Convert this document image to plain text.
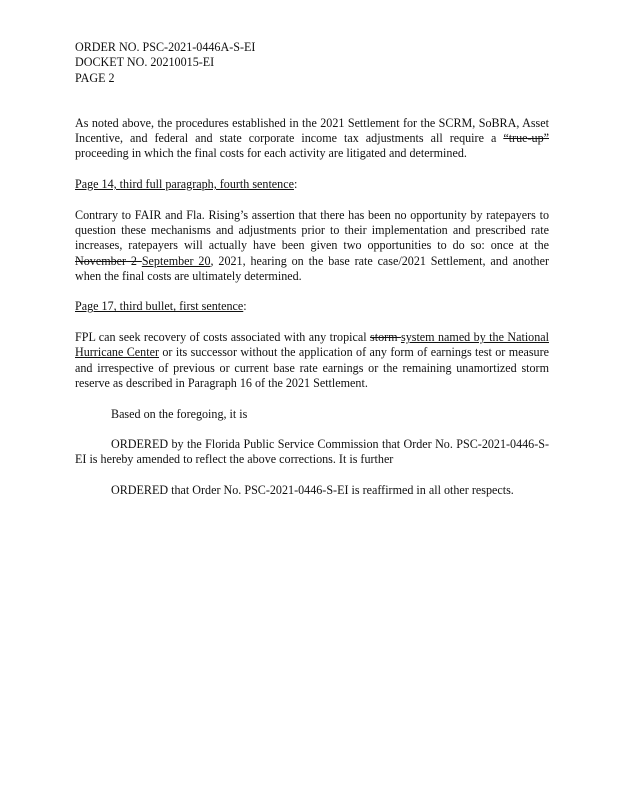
ORDER NO. PSC-2021-0446A-S-EI
DOCKET NO. 20210015-EI
PAGE 2

As noted above, the procedures established in the 2021 Settlement for the SCRM, SoBRA, Asset Incentive, and federal and state corporate income tax adjustments all require a “true-up” proceeding in which the final costs for each activity are litigated and determined.

Page 14, third full paragraph, fourth sentence:

Contrary to FAIR and Fla. Rising’s assertion that there has been no opportunity by ratepayers to question these mechanisms and adjustments prior to their implementation and prescribed rate increases, ratepayers will actually have been given two opportunities to do so: once at the November 2 September 20, 2021, hearing on the base rate case/2021 Settlement, and another when the final costs are ultimately determined.

Page 17, third bullet, first sentence:

FPL can seek recovery of costs associated with any tropical storm system named by the National Hurricane Center or its successor without the application of any form of earnings test or measure and irrespective of previous or current base rate earnings or the remaining unamortized storm reserve as described in Paragraph 16 of the 2021 Settlement.

Based on the foregoing, it is

ORDERED by the Florida Public Service Commission that Order No. PSC-2021-0446-S-EI is hereby amended to reflect the above corrections. It is further

ORDERED that Order No. PSC-2021-0446-S-EI is reaffirmed in all other respects.
